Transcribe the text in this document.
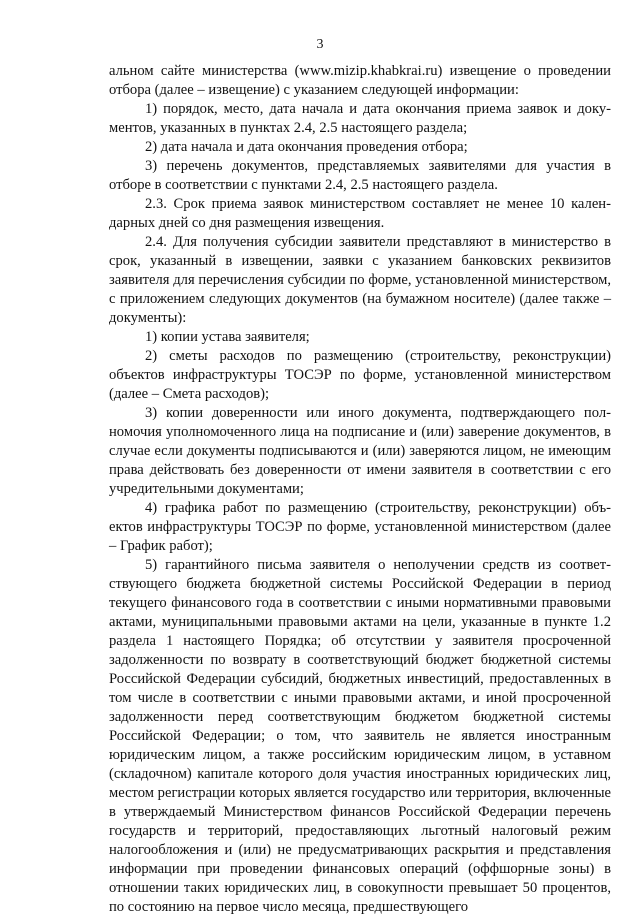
3

альном сайте министерства (www.mizip.khabkrai.ru) извещение о проведении отбора (далее – извещение) с указанием следующей информации:

1) порядок, место, дата начала и дата окончания приема заявок и документов, указанных в пунктах 2.4, 2.5 настоящего раздела;

2) дата начала и дата окончания проведения отбора;

3) перечень документов, представляемых заявителями для участия в отборе в соответствии с пунктами 2.4, 2.5 настоящего раздела.

2.3. Срок приема заявок министерством составляет не менее 10 календарных дней со дня размещения извещения.

2.4. Для получения субсидии заявители представляют в министерство в срок, указанный в извещении, заявки с указанием банковских реквизитов заявителя для перечисления субсидии по форме, установленной министерством, с приложением следующих документов (на бумажном носителе) (далее также – документы):

1) копии устава заявителя;

2) сметы расходов по размещению (строительству, реконструкции) объектов инфраструктуры ТОСЭР по форме, установленной министерством (далее – Смета расходов);

3) копии доверенности или иного документа, подтверждающего полномочия уполномоченного лица на подписание и (или) заверение документов, в случае если документы подписываются и (или) заверяются лицом, не имеющим права действовать без доверенности от имени заявителя в соответствии с его учредительными документами;

4) графика работ по размещению (строительству, реконструкции) объектов инфраструктуры ТОСЭР по форме, установленной министерством (далее – График работ);

5) гарантийного письма заявителя о неполучении средств из соответствующего бюджета бюджетной системы Российской Федерации в период текущего финансового года в соответствии с иными нормативными правовыми актами, муниципальными правовыми актами на цели, указанные в пункте 1.2 раздела 1 настоящего Порядка; об отсутствии у заявителя просроченной задолженности по возврату в соответствующий бюджет бюджетной системы Российской Федерации субсидий, бюджетных инвестиций, предоставленных в том числе в соответствии с иными правовыми актами, и иной просроченной задолженности перед соответствующим бюджетом бюджетной системы Российской Федерации; о том, что заявитель не является иностранным юридическим лицом, а также российским юридическим лицом, в уставном (складочном) капитале которого доля участия иностранных юридических лиц, местом регистрации которых является государство или территория, включенные в утверждаемый Министерством финансов Российской Федерации перечень государств и территорий, предоставляющих льготный налоговый режим налогообложения и (или) не предусматривающих раскрытия и представления информации при проведении финансовых операций (оффшорные зоны) в отношении таких юридических лиц, в совокупности превышает 50 процентов, по состоянию на первое число месяца, предшествующего
